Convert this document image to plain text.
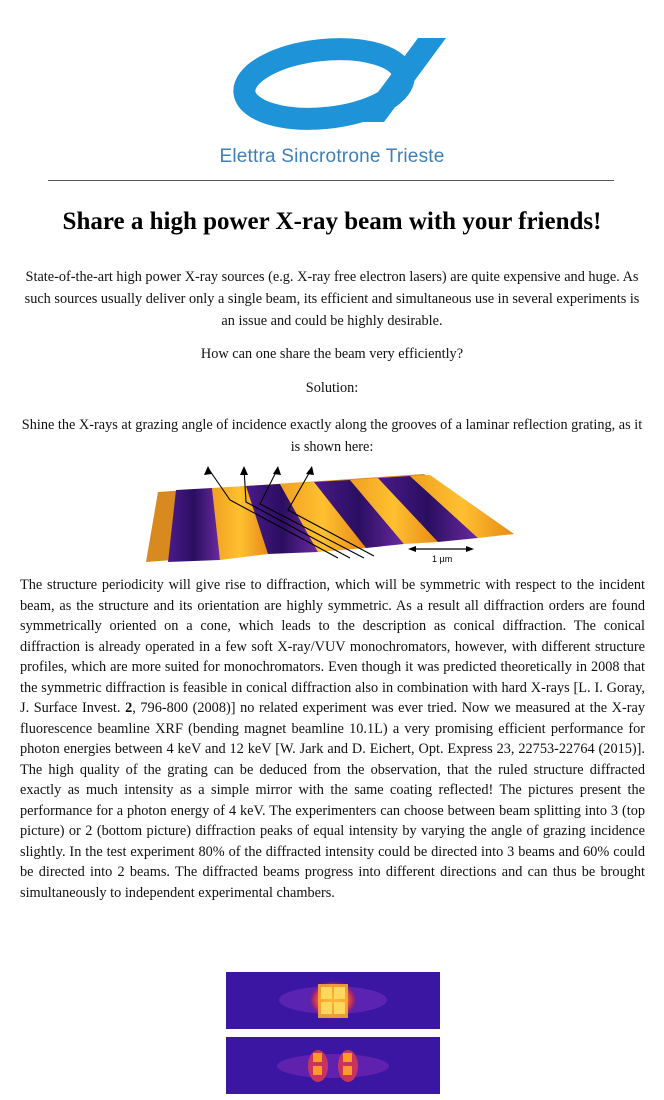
Elettra Sincrotrone Trieste
Share a high power X-ray beam with your friends!
State-of-the-art high power X-ray sources (e.g. X-ray free electron lasers) are quite expensive and huge. As such sources usually deliver only a single beam, its efficient and simultaneous use in several experiments is an issue and could be highly desirable.
How can one share the beam very efficiently?
Solution:
Shine the X-rays at grazing angle of incidence exactly along the grooves of a laminar reflection grating, as it is shown here:
1 µm

The structure periodicity will give rise to diffraction, which will be symmetric with respect to the incident beam, as the structure and its orientation are highly symmetric. As a result all diffraction orders are found symmetrically oriented on a cone, which leads to the description as conical diffraction. The conical diffraction is already operated in a few soft X-ray/VUV monochromators, however, with different structure profiles, which are more suited for monochromators. Even though it was predicted theoretically in 2008 that the symmetric diffraction is feasible in conical diffraction also in combination with hard X-rays [L. I. Goray, J. Surface Invest. 2, 796-800 (2008)] no related experiment was ever tried. Now we measured at the X-ray fluorescence beamline XRF (bending magnet beamline 10.1L) a very promising efficient performance for photon energies between 4 keV and 12 keV [W. Jark and D. Eichert, Opt. Express 23, 22753-22764 (2015)]. The high quality of the grating can be deduced from the observation, that the ruled structure diffracted exactly as much intensity as a simple mirror with the same coating reflected! The pictures present the performance for a photon energy of 4 keV. The experimenters can choose between beam splitting into 3 (top picture) or 2 (bottom picture) diffraction peaks of equal intensity by varying the angle of grazing incidence slightly. In the test experiment 80% of the diffracted intensity could be directed into 3 beams and 60% could be directed into 2 beams. The diffracted beams progress into different directions and can thus be brought simultaneously to independent experimental chambers.
